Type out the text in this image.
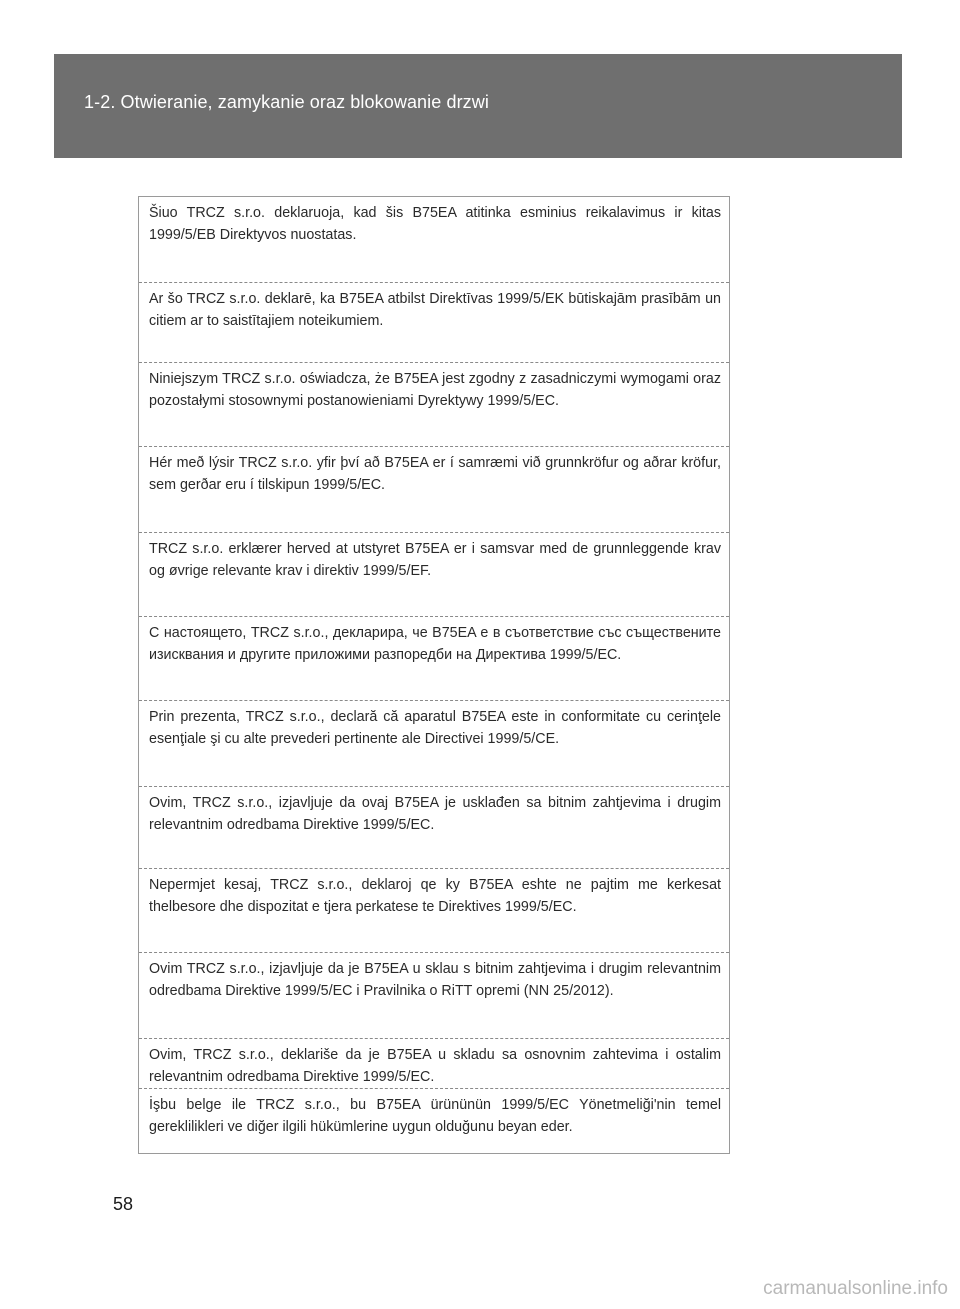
1-2. Otwieranie, zamykanie oraz blokowanie drzwi
Šiuo TRCZ s.r.o. deklaruoja, kad šis B75EA atitinka esminius reikalavimus ir kitas 1999/5/EB Direktyvos nuostatas.
Ar šo TRCZ s.r.o. deklarē, ka B75EA atbilst Direktīvas 1999/5/EK būtiskajām prasībām un citiem ar to saistītajiem noteikumiem.
Niniejszym TRCZ s.r.o. oświadcza, że B75EA jest zgodny z zasadniczymi wymogami oraz pozostałymi stosownymi postanowieniami Dyrektywy 1999/5/EC.
Hér með lýsir TRCZ s.r.o. yfir því að B75EA er í samræmi við grunnkröfur og aðrar kröfur, sem gerðar eru í tilskipun 1999/5/EC.
TRCZ s.r.o. erklærer herved at utstyret B75EA er i samsvar med de grunnleggende krav og øvrige relevante krav i direktiv 1999/5/EF.
С настоящето, TRCZ s.r.o., декларира, че B75EA е в съответствие със съществените изисквания и другите приложими разпоредби на Директива 1999/5/EC.
Prin prezenta, TRCZ s.r.o., declară că aparatul B75EA este in conformitate cu cerinţele esenţiale şi cu alte prevederi pertinente ale Directivei 1999/5/CE.
Ovim, TRCZ s.r.o., izjavljuje da ovaj B75EA je usklađen sa bitnim zahtjevima i drugim relevantnim odredbama Direktive 1999/5/EC.
Nepermjet kesaj, TRCZ s.r.o., deklaroj qe ky B75EA eshte ne pajtim me kerkesat thelbesore dhe dispozitat e tjera perkatese te Direktives 1999/5/EC.
Ovim TRCZ s.r.o., izjavljuje da je B75EA u sklau s bitnim zahtjevima i drugim relevantnim odredbama Direktive 1999/5/EC i Pravilnika o RiTT opremi (NN 25/2012).
Ovim, TRCZ s.r.o., deklariše da je B75EA u skladu sa osnovnim zahtevima i ostalim relevantnim odredbama Direktive 1999/5/EC.
İşbu belge ile TRCZ s.r.o., bu B75EA ürününün 1999/5/EC Yönetmeliği'nin temel gereklilikleri ve diğer ilgili hükümlerine uygun olduğunu beyan eder.
58
carmanualsonline.info
